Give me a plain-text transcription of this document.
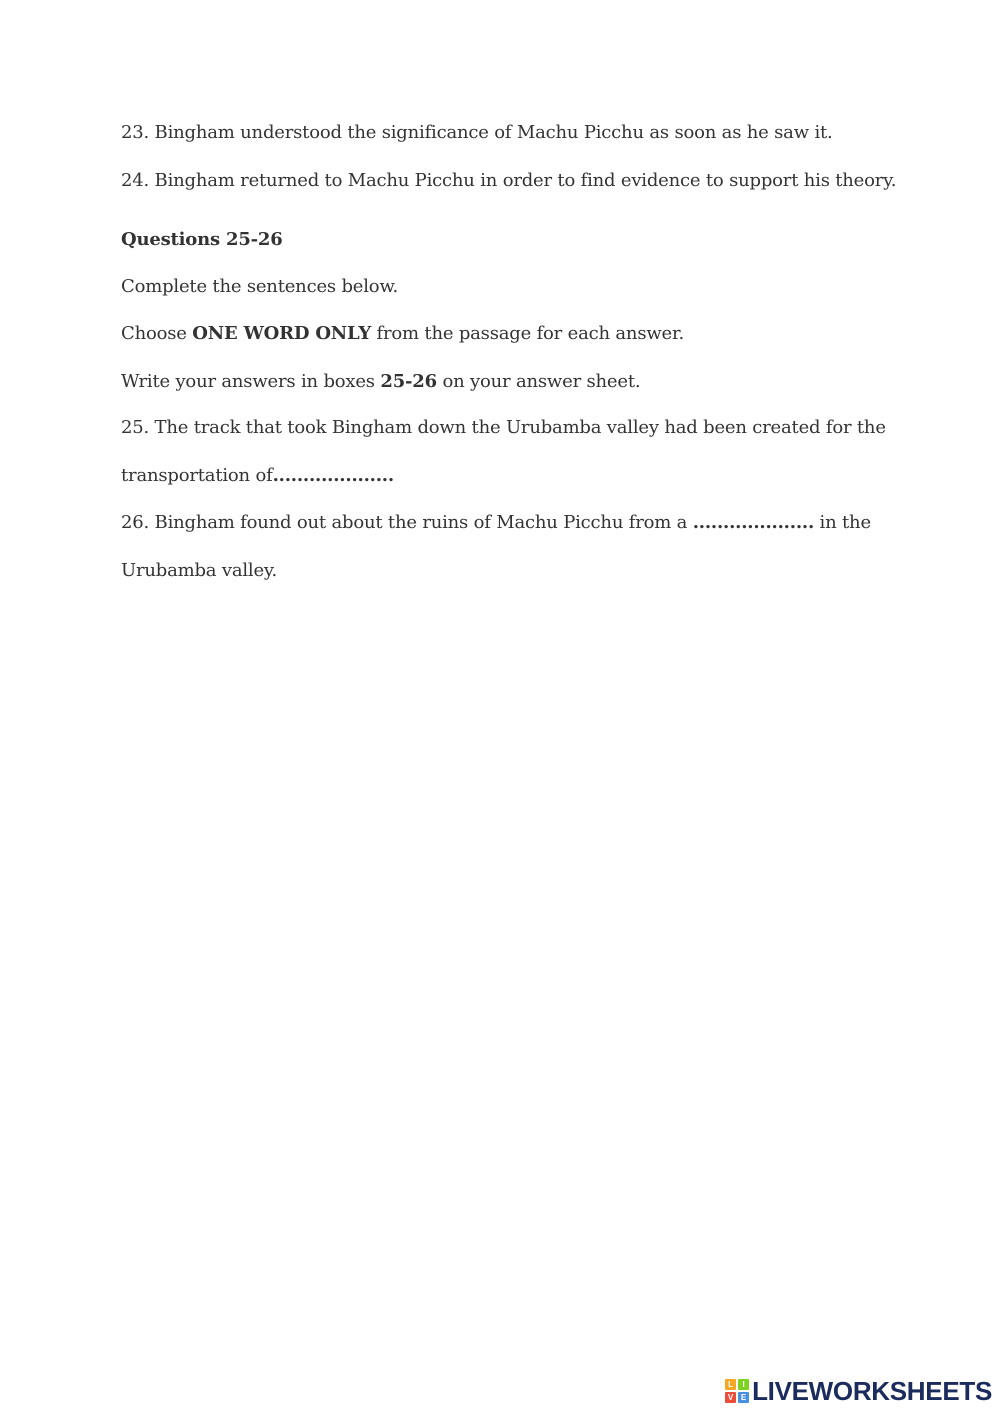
23. Bingham understood the significance of Machu Picchu as soon as he saw it.
24. Bingham returned to Machu Picchu in order to find evidence to support his theory.
Questions 25-26
Complete the sentences below.
Choose ONE WORD ONLY from the passage for each answer.
Write your answers in boxes 25-26 on your answer sheet.
25. The track that took Bingham down the Urubamba valley had been created for the
transportation of....................
26. Bingham found out about the ruins of Machu Picchu from a .................... in the
Urubamba valley.
L	I
V E LIVEWORKSHEETS
